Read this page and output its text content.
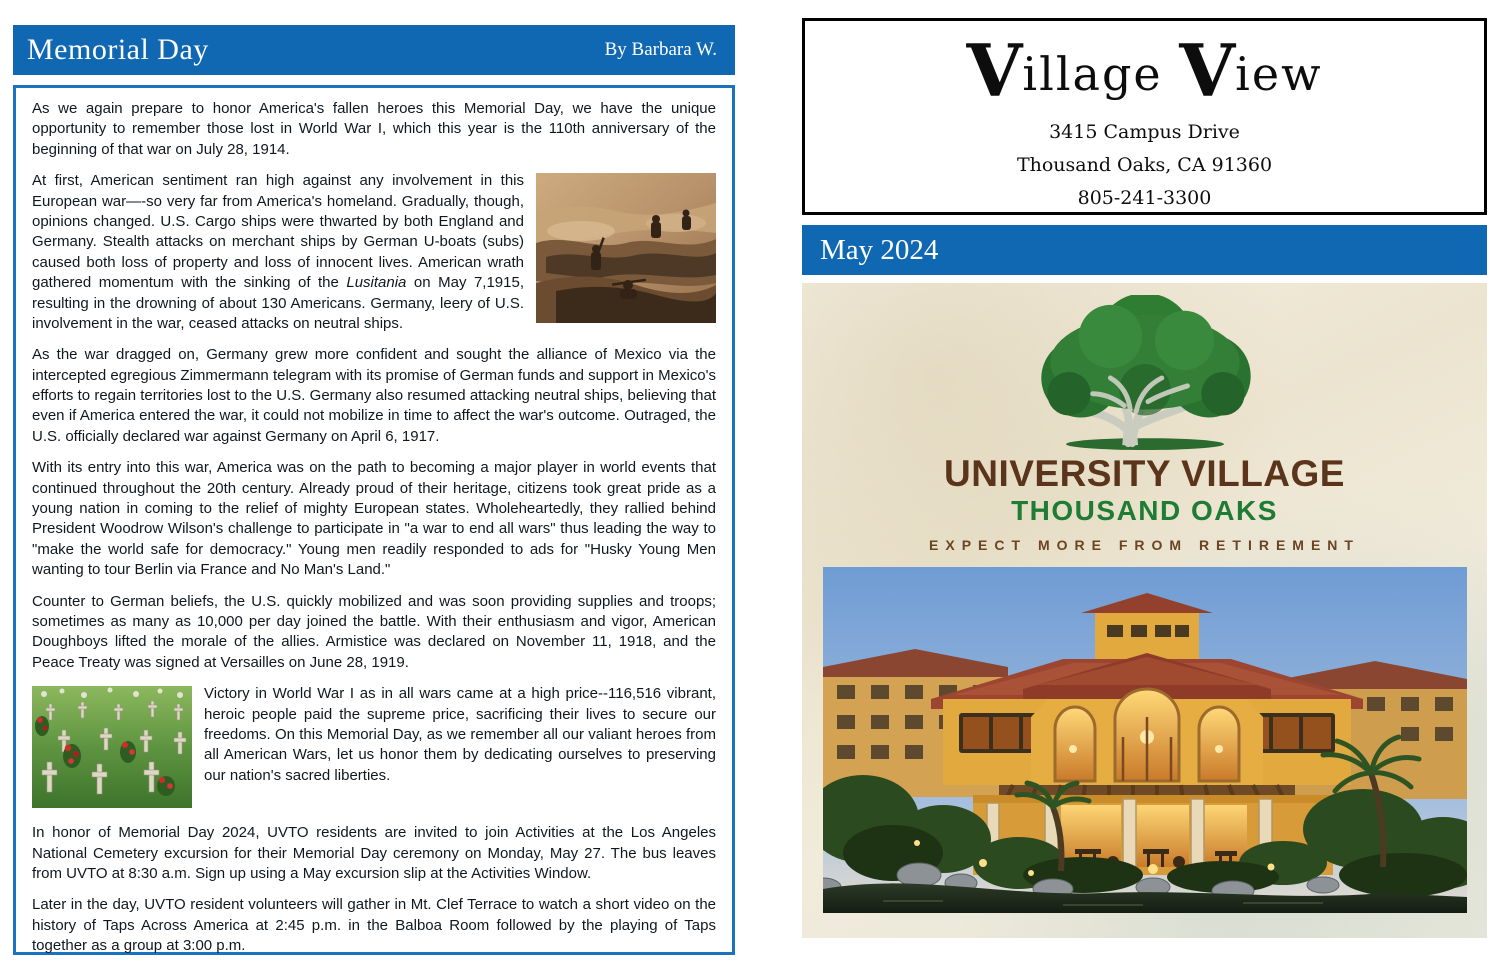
Memorial Day	By Barbara W.

As we again prepare to honor America's fallen heroes this Memorial Day, we have the unique opportunity to remember those lost in World War I, which this year is the 110th anniversary of the beginning of that war on July 28, 1914.

At first, American sentiment ran high against any involvement in this European war—-so very far from America's homeland. Gradually, though, opinions changed. U.S. Cargo ships were thwarted by both England and Germany. Stealth attacks on merchant ships by German U-boats (subs) caused both loss of property and loss of innocent lives. American wrath gathered momentum with the sinking of the Lusitania on May 7,1915, resulting in the drowning of about 130 Americans. Germany, leery of U.S. involvement in the war, ceased attacks on neutral ships.

As the war dragged on, Germany grew more confident and sought the alliance of Mexico via the intercepted egregious Zimmermann telegram with its promise of German funds and support in Mexico's efforts to regain territories lost to the U.S. Germany also resumed attacking neutral ships, believing that even if America entered the war, it could not mobilize in time to affect the war's outcome. Outraged, the U.S. officially declared war against Germany on April 6, 1917.

With its entry into this war, America was on the path to becoming a major player in world events that continued throughout the 20th century. Already proud of their heritage, citizens took great pride as a young nation in coming to the relief of mighty European states. Wholeheartedly, they rallied behind President Woodrow Wilson's challenge to participate in "a war to end all wars" thus leading the way to "make the world safe for democracy." Young men readily responded to ads for "Husky Young Men wanting to tour Berlin via France and No Man's Land."

Counter to German beliefs, the U.S. quickly mobilized and was soon providing supplies and troops; sometimes as many as 10,000 per day joined the battle. With their enthusiasm and vigor, American Doughboys lifted the morale of the allies. Armistice was declared on November 11, 1918, and the Peace Treaty was signed at Versailles on June 28, 1919.

Victory in World War I as in all wars came at a high price--116,516 vibrant, heroic people paid the supreme price, sacrificing their lives to secure our freedoms. On this Memorial Day, as we remember all our valiant heroes from all American Wars, let us honor them by dedicating ourselves to preserving our nation's sacred liberties.

In honor of Memorial Day 2024, UVTO residents are invited to join Activities at the Los Angeles National Cemetery excursion for their Memorial Day ceremony on Monday, May 27. The bus leaves from UVTO at 8:30 a.m. Sign up using a May excursion slip at the Activities Window.

Later in the day, UVTO resident volunteers will gather in Mt. Clef Terrace to watch a short video on the history of Taps Across America at 2:45 p.m. in the Balboa Room followed by the playing of Taps together as a group at 3:00 p.m.

Village View
3415 Campus Drive
Thousand Oaks, CA 91360
805-241-3300
May 2024
UNIVERSITY VILLAGE
THOUSAND OAKS
EXPECT MORE FROM RETIREMENT
